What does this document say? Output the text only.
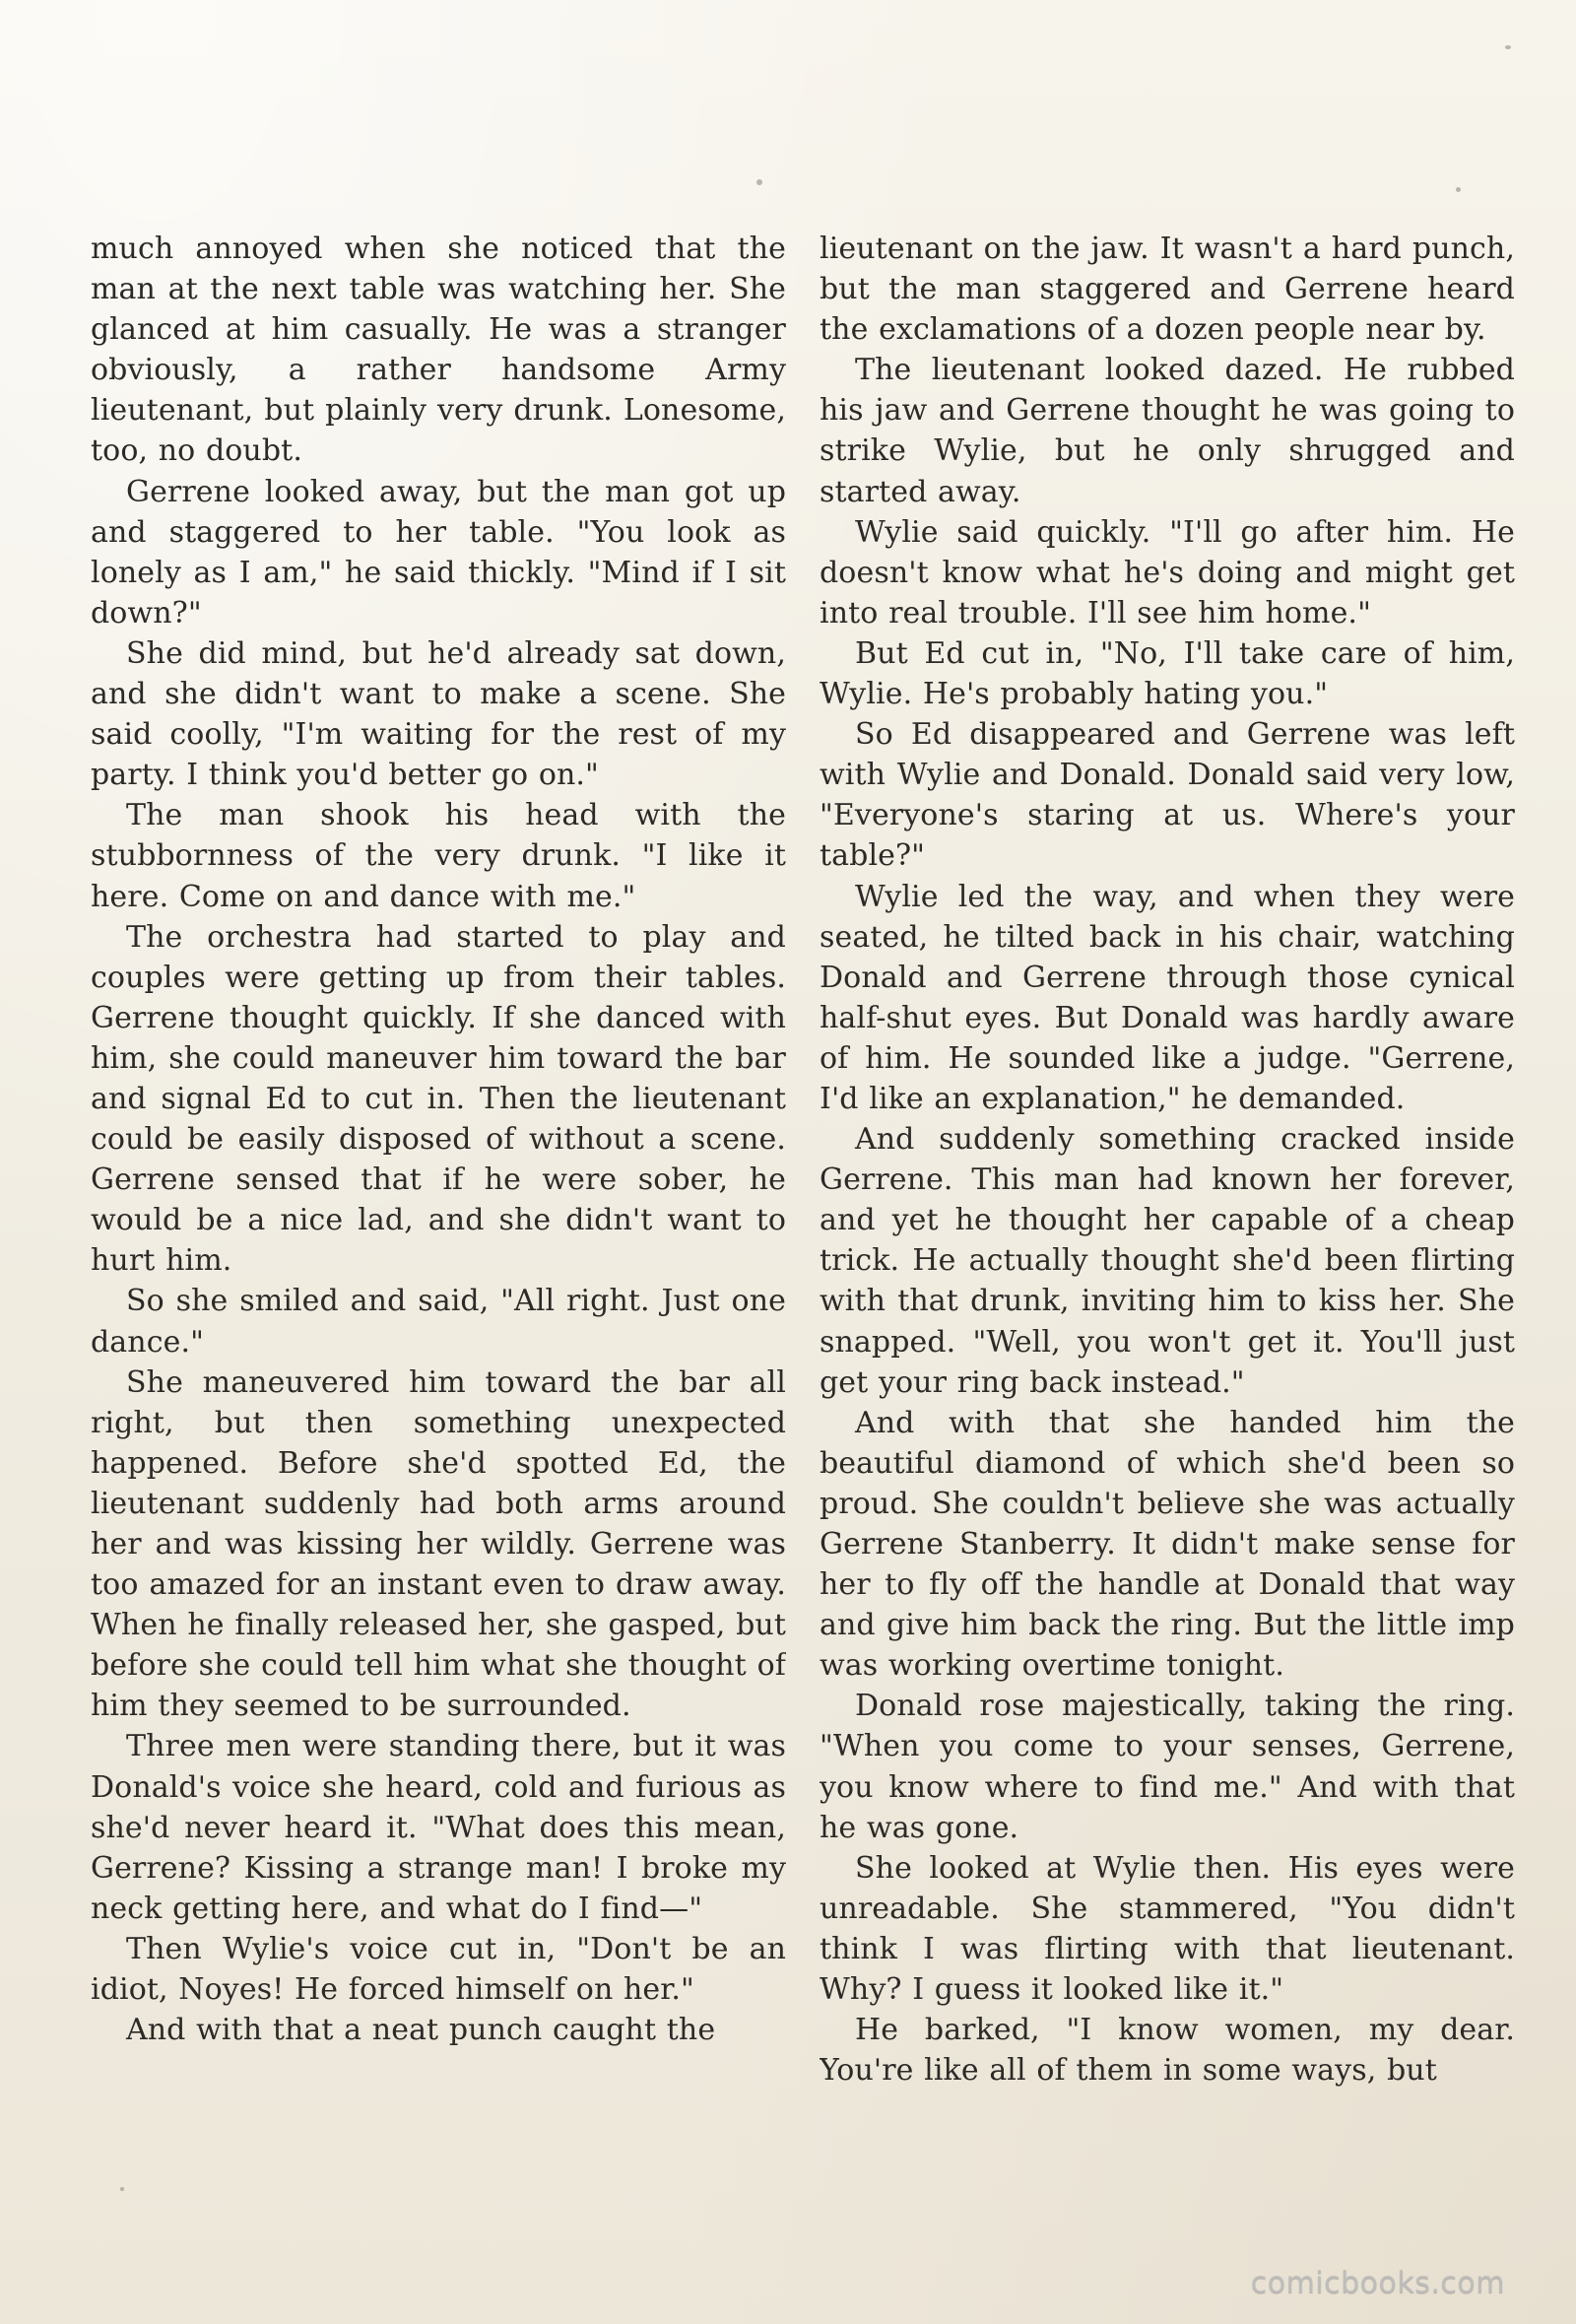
much annoyed when she noticed that the man at the next table was watching her. She glanced at him casually. He was a stranger obviously, a rather handsome Army lieutenant, but plainly very drunk. Lonesome, too, no doubt.

Gerrene looked away, but the man got up and staggered to her table. "You look as lonely as I am," he said thickly. "Mind if I sit down?"

She did mind, but he'd already sat down, and she didn't want to make a scene. She said coolly, "I'm waiting for the rest of my party. I think you'd better go on."

The man shook his head with the stubbornness of the very drunk. "I like it here. Come on and dance with me."

The orchestra had started to play and couples were getting up from their tables. Gerrene thought quickly. If she danced with him, she could maneuver him toward the bar and signal Ed to cut in. Then the lieutenant could be easily disposed of without a scene. Gerrene sensed that if he were sober, he would be a nice lad, and she didn't want to hurt him.

So she smiled and said, "All right. Just one dance."

She maneuvered him toward the bar all right, but then something unexpected happened. Before she'd spotted Ed, the lieutenant suddenly had both arms around her and was kissing her wildly. Gerrene was too amazed for an instant even to draw away. When he finally released her, she gasped, but before she could tell him what she thought of him they seemed to be surrounded.

Three men were standing there, but it was Donald's voice she heard, cold and furious as she'd never heard it. "What does this mean, Gerrene? Kissing a strange man! I broke my neck getting here, and what do I find—"

Then Wylie's voice cut in, "Don't be an idiot, Noyes! He forced himself on her."

And with that a neat punch caught the

lieutenant on the jaw. It wasn't a hard punch, but the man staggered and Gerrene heard the exclamations of a dozen people near by.

The lieutenant looked dazed. He rubbed his jaw and Gerrene thought he was going to strike Wylie, but he only shrugged and started away.

Wylie said quickly. "I'll go after him. He doesn't know what he's doing and might get into real trouble. I'll see him home."

But Ed cut in, "No, I'll take care of him, Wylie. He's probably hating you."

So Ed disappeared and Gerrene was left with Wylie and Donald. Donald said very low, "Everyone's staring at us. Where's your table?"

Wylie led the way, and when they were seated, he tilted back in his chair, watching Donald and Gerrene through those cynical half-shut eyes. But Donald was hardly aware of him. He sounded like a judge. "Gerrene, I'd like an explanation," he demanded.

And suddenly something cracked inside Gerrene. This man had known her forever, and yet he thought her capable of a cheap trick. He actually thought she'd been flirting with that drunk, inviting him to kiss her. She snapped. "Well, you won't get it. You'll just get your ring back instead."

And with that she handed him the beautiful diamond of which she'd been so proud. She couldn't believe she was actually Gerrene Stanberry. It didn't make sense for her to fly off the handle at Donald that way and give him back the ring. But the little imp was working overtime tonight.

Donald rose majestically, taking the ring. "When you come to your senses, Gerrene, you know where to find me." And with that he was gone.

She looked at Wylie then. His eyes were unreadable. She stammered, "You didn't think I was flirting with that lieutenant. Why? I guess it looked like it."

He barked, "I know women, my dear. You're like all of them in some ways, but

comicbooks.com
